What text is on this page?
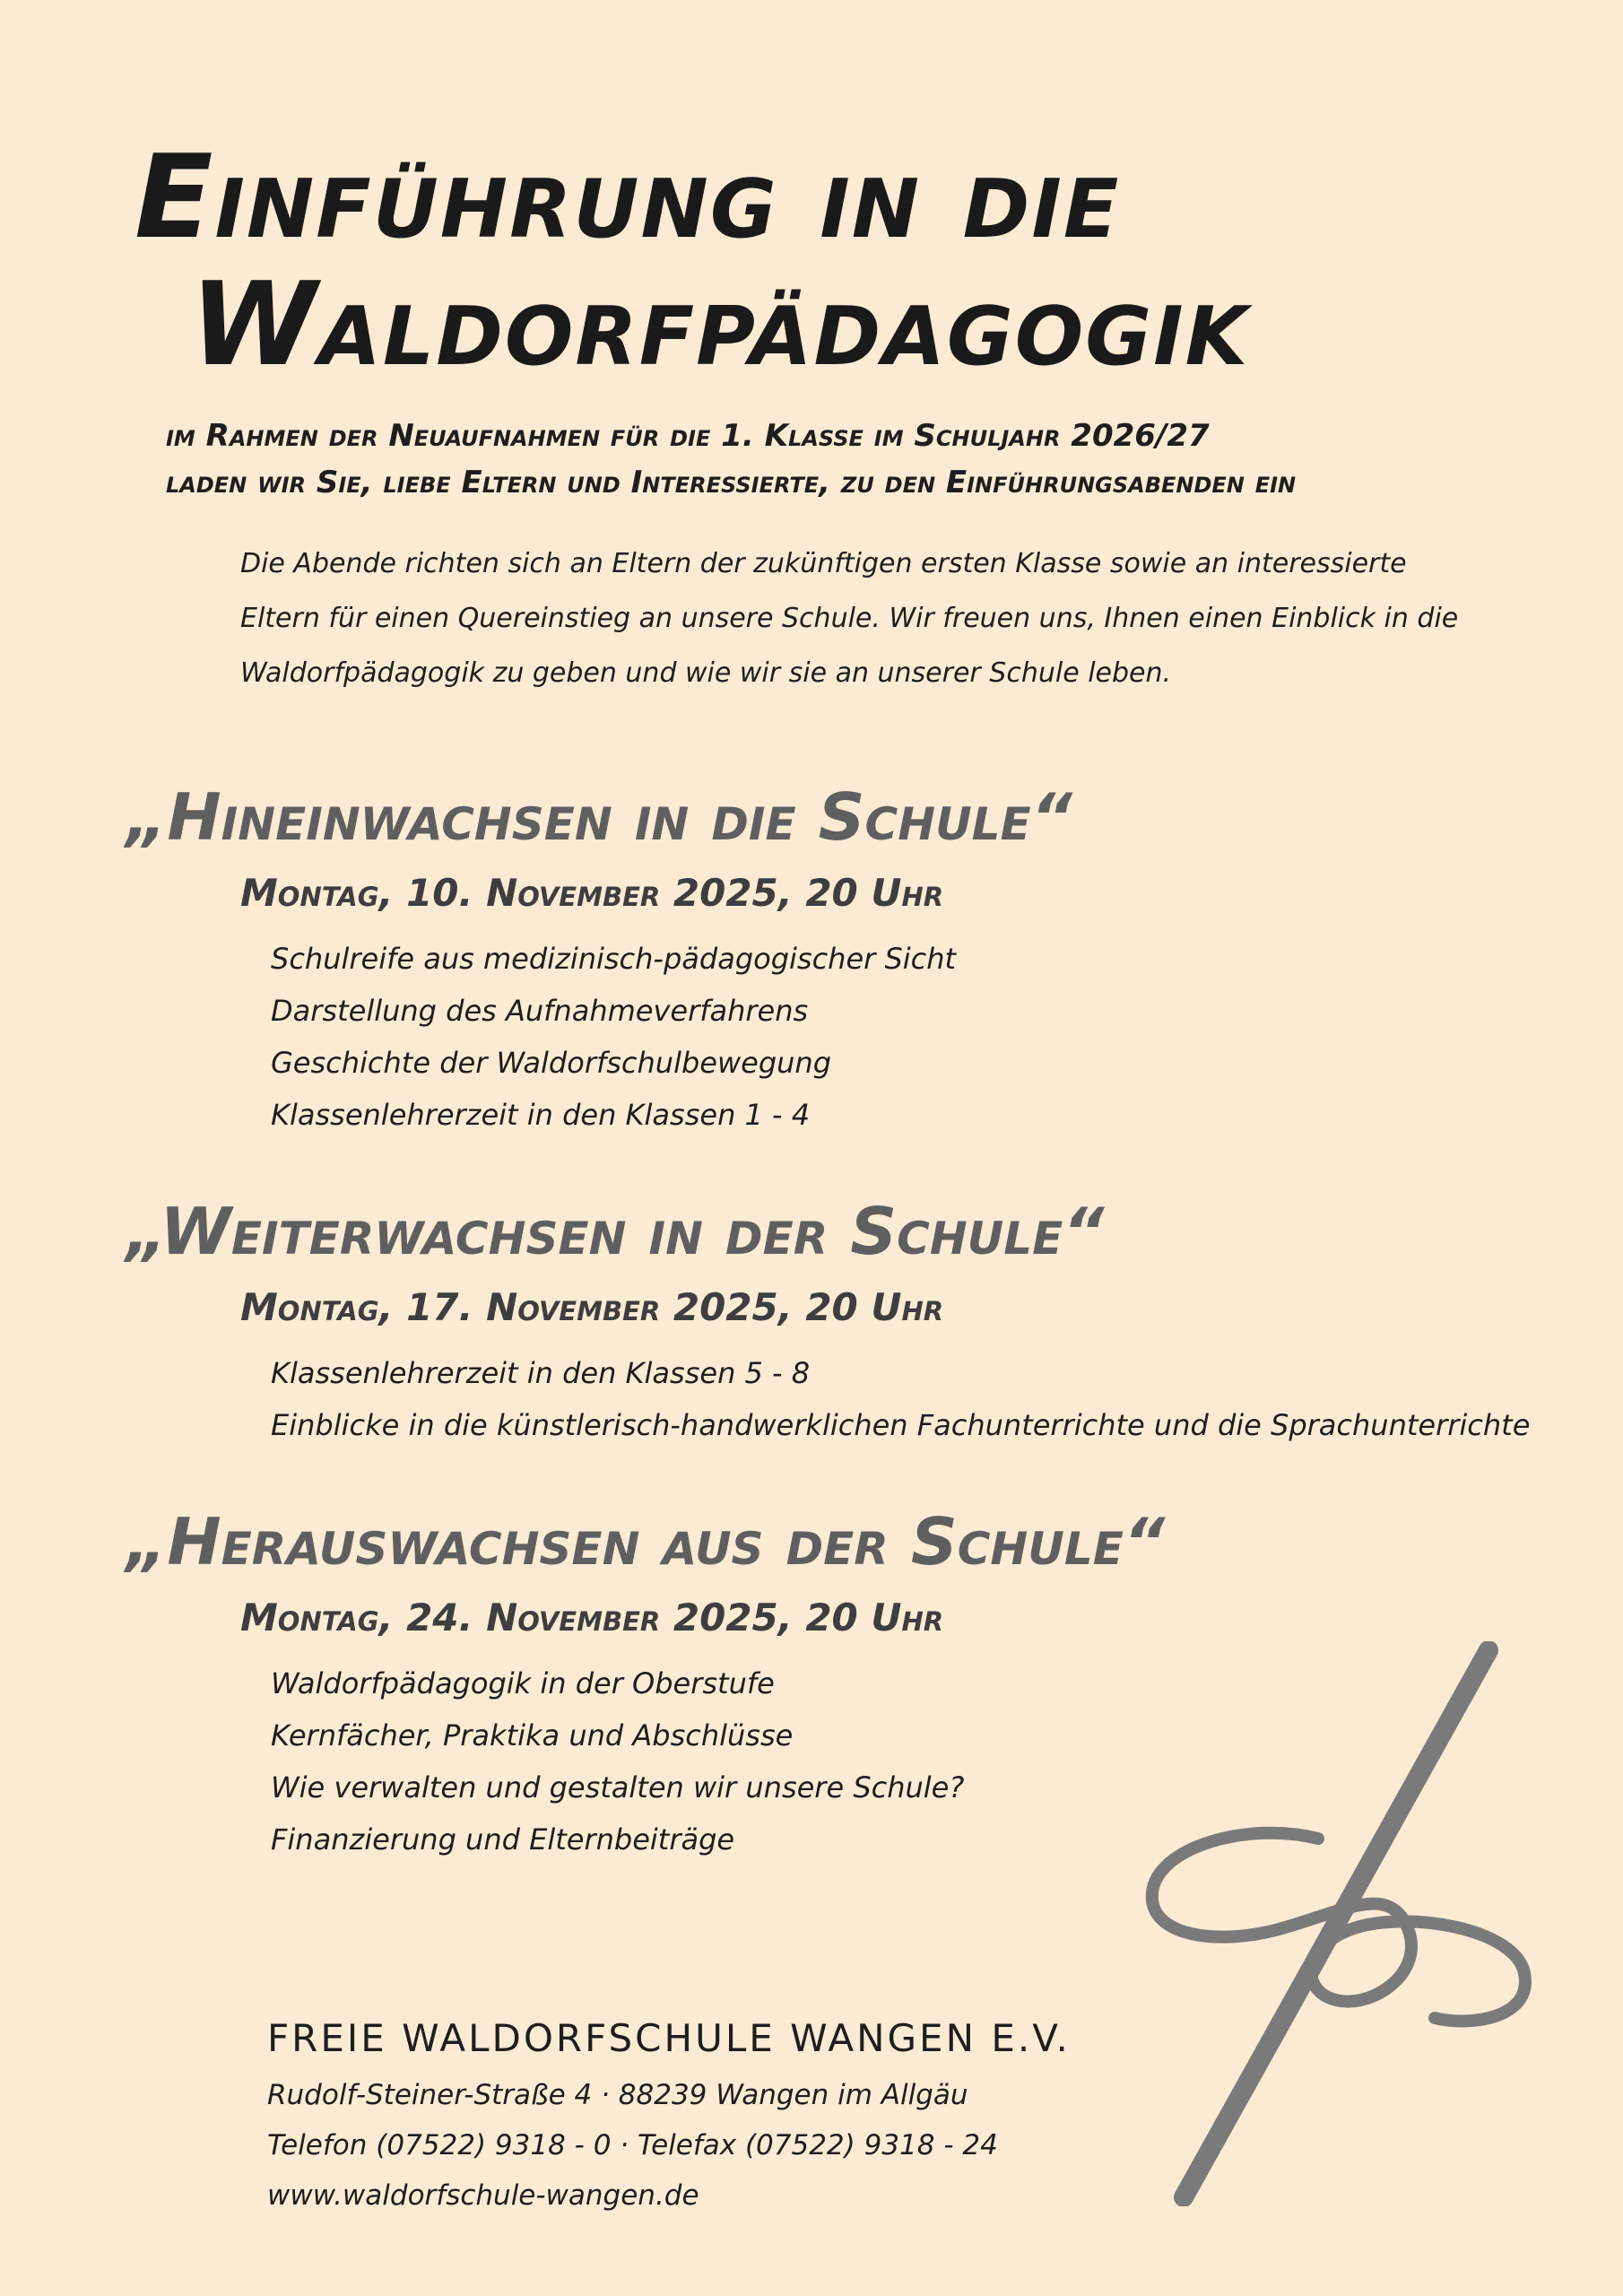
Einführung in die
Waldorfpädagogik
im Rahmen der Neuaufnahmen für die 1. Klasse im Schuljahr 2026/27
laden wir Sie, liebe Eltern und Interessierte, zu den Einführungsabenden ein
Die Abende richten sich an Eltern der zukünftigen ersten Klasse sowie an interessierte
Eltern für einen Quereinstieg an unsere Schule. Wir freuen uns, Ihnen einen Einblick in die
Waldorfpädagogik zu geben und wie wir sie an unserer Schule leben.
„Hineinwachsen in die Schule“
Montag, 10. November 2025, 20 Uhr
Schulreife aus medizinisch-pädagogischer Sicht
Darstellung des Aufnahmeverfahrens
Geschichte der Waldorfschulbewegung
Klassenlehrerzeit in den Klassen 1 - 4
„Weiterwachsen in der Schule“
Montag, 17. November 2025, 20 Uhr
Klassenlehrerzeit in den Klassen 5 - 8
Einblicke in die künstlerisch-handwerklichen Fachunterrichte und die Sprachunterrichte
„Herauswachsen aus der Schule“
Montag, 24. November 2025, 20 Uhr
Waldorfpädagogik in der Oberstufe
Kernfächer, Praktika und Abschlüsse
Wie verwalten und gestalten wir unsere Schule?
Finanzierung und Elternbeiträge
FREIE WALDORFSCHULE WANGEN E.V.
Rudolf-Steiner-Straße 4 · 88239 Wangen im Allgäu
Telefon (07522) 9318 - 0 · Telefax (07522) 9318 - 24
www.waldorfschule-wangen.de
